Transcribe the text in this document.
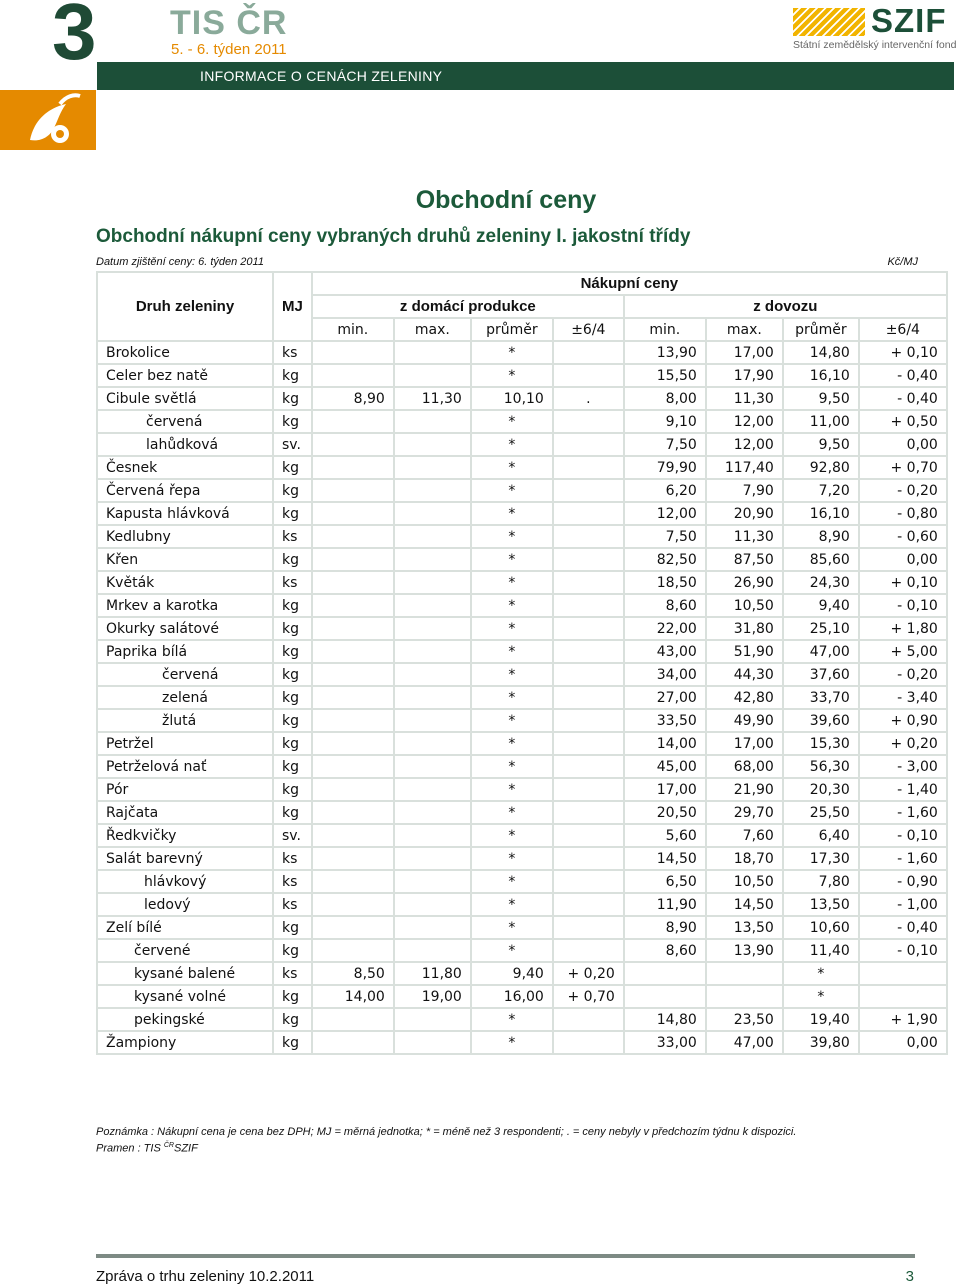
3 TIS ČR
5. - 6. týden 2011
SZIF
Státní zemědělský intervenční fond
INFORMACE O CENÁCH ZELENINY
Obchodní ceny
Obchodní nákupní ceny vybraných druhů zeleniny I. jakostní třídy
Datum zjištění ceny: 6. týden 2011	Kč/MJ
Druh zeleniny	MJ	Nákupní ceny							
		z domácí produkce				z dovozu			
		min.	max.	průměr	±6/4	min.	max.	průměr	±6/4
Brokolice	ks			*		13,90	17,00	14,80	+ 0,10
Celer bez natě	kg			*		15,50	17,90	16,10	- 0,40
Cibule světlá	kg	8,90	11,30	10,10	.	8,00	11,30	9,50	- 0,40
červená	kg			*		9,10	12,00	11,00	+ 0,50
lahůdková	sv.			*		7,50	12,00	9,50	0,00
Česnek	kg			*		79,90	117,40	92,80	+ 0,70
Červená řepa	kg			*		6,20	7,90	7,20	- 0,20
Kapusta hlávková	kg			*		12,00	20,90	16,10	- 0,80
Kedlubny	ks			*		7,50	11,30	8,90	- 0,60
Křen	kg			*		82,50	87,50	85,60	0,00
Květák	ks			*		18,50	26,90	24,30	+ 0,10
Mrkev a karotka	kg			*		8,60	10,50	9,40	- 0,10
Okurky salátové	kg			*		22,00	31,80	25,10	+ 1,80
Paprika bílá	kg			*		43,00	51,90	47,00	+ 5,00
červená	kg			*		34,00	44,30	37,60	- 0,20
zelená	kg			*		27,00	42,80	33,70	- 3,40
žlutá	kg			*		33,50	49,90	39,60	+ 0,90
Petržel	kg			*		14,00	17,00	15,30	+ 0,20
Petrželová nať	kg			*		45,00	68,00	56,30	- 3,00
Pór	kg			*		17,00	21,90	20,30	- 1,40
Rajčata	kg			*		20,50	29,70	25,50	- 1,60
Ředkvičky	sv.			*		5,60	7,60	6,40	- 0,10
Salát barevný	ks			*		14,50	18,70	17,30	- 1,60
hlávkový	ks			*		6,50	10,50	7,80	- 0,90
ledový	ks			*		11,90	14,50	13,50	- 1,00
Zelí bílé	kg			*		8,90	13,50	10,60	- 0,40
červené	kg			*		8,60	13,90	11,40	- 0,10
kysané balené	ks	8,50	11,80	9,40	+ 0,20			*	
kysané volné	kg	14,00	19,00	16,00	+ 0,70			*	
pekingské	kg			*		14,80	23,50	19,40	+ 1,90
Žampiony	kg			*		33,00	47,00	39,80	0,00
Poznámka : Nákupní cena je cena bez DPH; MJ = měrná jednotka; * = méně než 3 respondenti; . = ceny nebyly v předchozím týdnu k dispozici.
Pramen : TIS $^{ČR}$SZIF
Zpráva o trhu zeleniny 10.2.2011	3
